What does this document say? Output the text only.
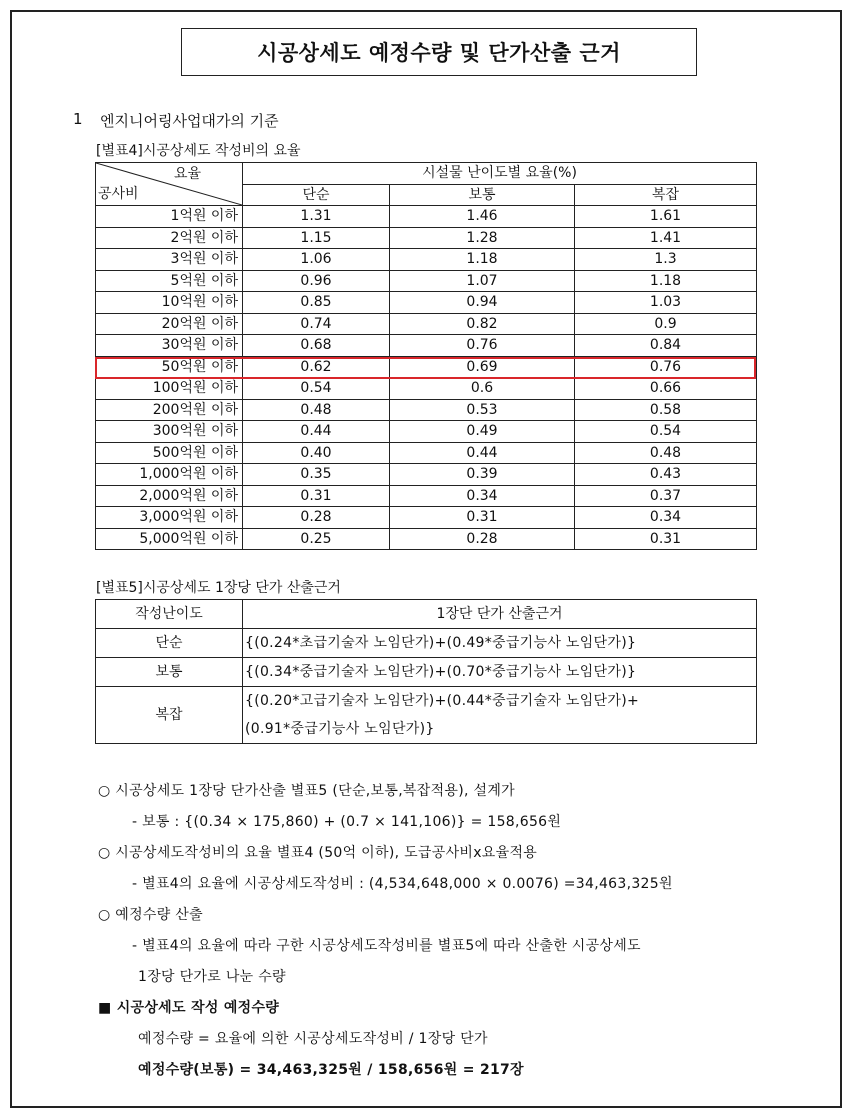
시공상세도 예정수량 및 단가산출 근거
1 엔지니어링사업대가의 기준
[별표4]시공상세도 작성비의 요율
요율
공사비	시설물 난이도별 요율(%)		
	단순	보통	복잡
1억원 이하	1.31	1.46	1.61
2억원 이하	1.15	1.28	1.41
3억원 이하	1.06	1.18	1.3
5억원 이하	0.96	1.07	1.18
10억원 이하	0.85	0.94	1.03
20억원 이하	0.74	0.82	0.9
30억원 이하	0.68	0.76	0.84
50억원 이하	0.62	0.69	0.76
100억원 이하	0.54	0.6	0.66
200억원 이하	0.48	0.53	0.58
300억원 이하	0.44	0.49	0.54
500억원 이하	0.40	0.44	0.48
1,000억원 이하	0.35	0.39	0.43
2,000억원 이하	0.31	0.34	0.37
3,000억원 이하	0.28	0.31	0.34
5,000억원 이하	0.25	0.28	0.31
[별표5]시공상세도 1장당 단가 산출근거
작성난이도	1장단 단가 산출근거
단순	{(0.24*초급기술자 노임단가)+(0.49*중급기능사 노임단가)}
보통	{(0.34*중급기술자 노임단가)+(0.70*중급기능사 노임단가)}
복잡	{(0.20*고급기술자 노임단가)+(0.44*중급기술자 노임단가)+
(0.91*중급기능사 노임단가)}
○ 시공상세도 1장당 단가산출 별표5 (단순,보통,복잡적용), 설계가
- 보통 : {(0.34 × 175,860) + (0.7 × 141,106)} = 158,656원
○ 시공상세도작성비의 요율 별표4 (50억 이하), 도급공사비x요율적용
- 별표4의 요율에 시공상세도작성비 : (4,534,648,000 × 0.0076) =34,463,325원
○ 예정수량 산출
- 별표4의 요율에 따라 구한 시공상세도작성비를 별표5에 따라 산출한 시공상세도
1장당 단가로 나눈 수량
■ 시공상세도 작성 예정수량
예정수량 = 요율에 의한 시공상세도작성비 / 1장당 단가
예정수량(보통) = 34,463,325원 / 158,656원 = 217장
